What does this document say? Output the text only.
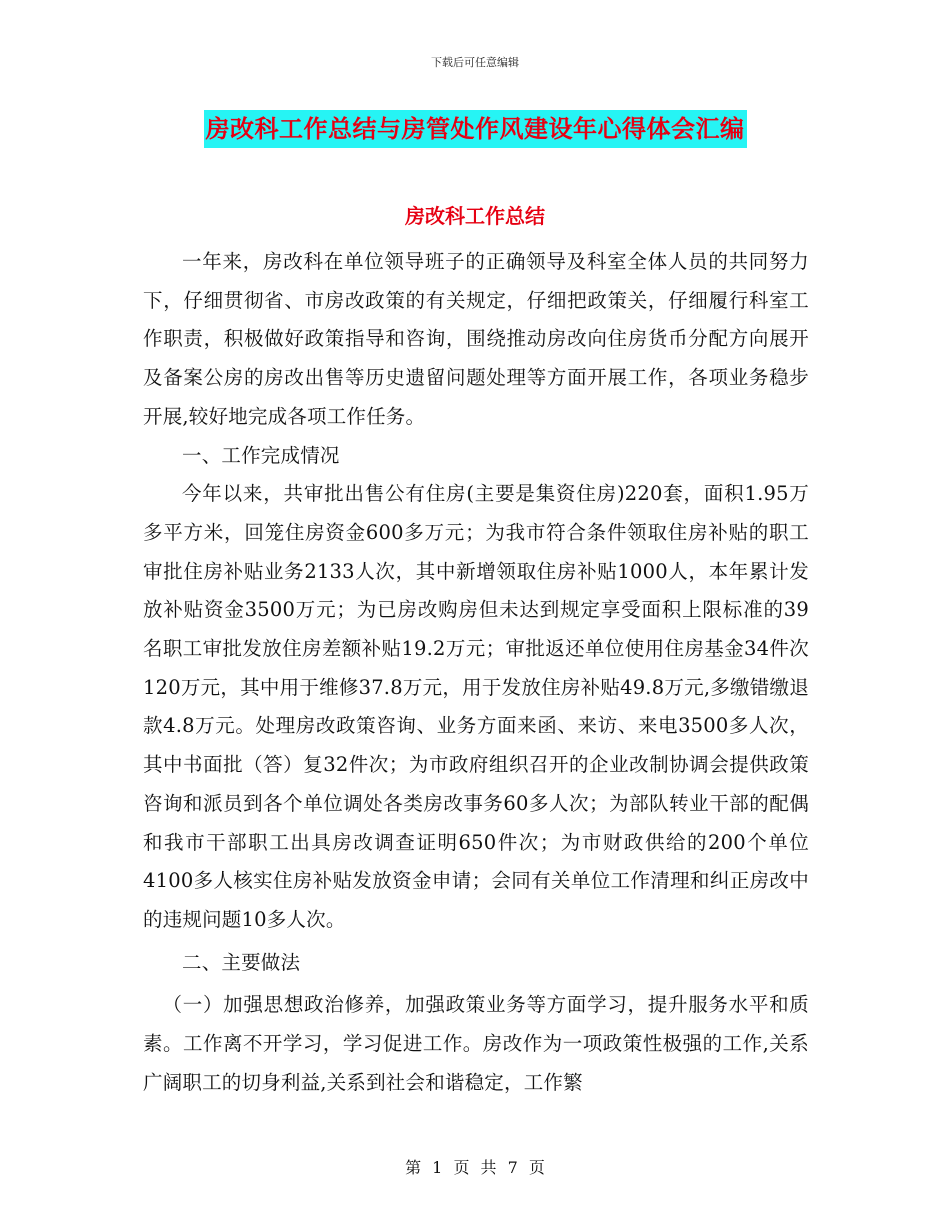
下载后可任意编辑
房改科工作总结与房管处作风建设年心得体会汇编
房改科工作总结

一年来，房改科在单位领导班子的正确领导及科室全体人员的共同努力下，仔细贯彻省、市房改政策的有关规定，仔细把政策关，仔细履行科室工作职责，积极做好政策指导和咨询，围绕推动房改向住房货币分配方向展开及备案公房的房改出售等历史遗留问题处理等方面开展工作，各项业务稳步开展,较好地完成各项工作任务。

一、工作完成情况

今年以来，共审批出售公有住房(主要是集资住房)220套，面积1.95万多平方米，回笼住房资金600多万元；为我市符合条件领取住房补贴的职工审批住房补贴业务2133人次，其中新增领取住房补贴1000人，本年累计发放补贴资金3500万元；为已房改购房但未达到规定享受面积上限标准的39名职工审批发放住房差额补贴19.2万元；审批返还单位使用住房基金34件次120万元，其中用于维修37.8万元，用于发放住房补贴49.8万元,多缴错缴退款4.8万元。处理房改政策咨询、业务方面来函、来访、来电3500多人次，其中书面批（答）复32件次；为市政府组织召开的企业改制协调会提供政策咨询和派员到各个单位调处各类房改事务60多人次；为部队转业干部的配偶和我市干部职工出具房改调查证明650件次；为市财政供给的200个单位4100多人核实住房补贴发放资金申请；会同有关单位工作清理和纠正房改中的违规问题10多人次。

二、主要做法

（一）加强思想政治修养，加强政策业务等方面学习，提升服务水平和质素。工作离不开学习，学习促进工作。房改作为一项政策性极强的工作,关系广阔职工的切身利益,关系到社会和谐稳定，工作繁

第 1 页 共 7 页
